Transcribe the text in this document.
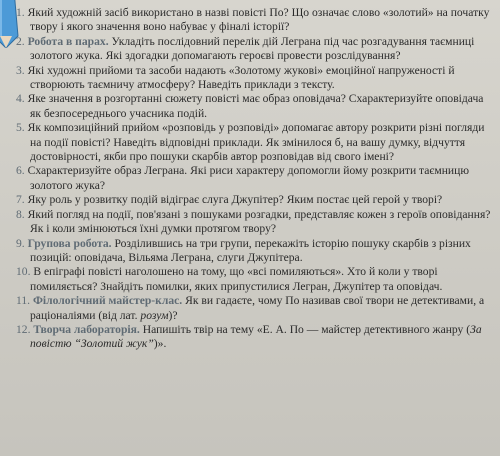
1. Який художній засіб використано в назві повісті По? Що означає слово «золотий» на початку твору і якого значення воно набуває у фіналі історії?

2. Робота в парах. Укладіть послідовний перелік дій Леграна під час розгадування таємниці золотого жука. Які здогадки допомагають героєві провести розслідування?

3. Які художні прийоми та засоби надають «Золотому жукові» емоційної напруженості й створюють таємничу атмосферу? Наведіть приклади з тексту.

4. Яке значення в розгортанні сюжету повісті має образ оповідача? Схарактеризуйте оповідача як безпосереднього учасника подій.

5. Як композиційний прийом «розповідь у розповіді» допомагає автору розкрити різні погляди на події повісті? Наведіть відповідні приклади. Як змінилося б, на вашу думку, відчуття достовірності, якби про пошуки скарбів автор розповідав від свого імені?

6. Схарактеризуйте образ Леграна. Які риси характеру допомогли йому розкрити таємницю золотого жука?

7. Яку роль у розвитку подій відіграє слуга Джупітер? Яким постає цей герой у творі?

8. Який погляд на події, пов'язані з пошуками розгадки, представляє кожен з героїв оповідання? Як і коли змінюються їхні думки протягом твору?

9. Групова робота. Розділившись на три групи, перекажіть історію пошуку скарбів з різних позицій: оповідача, Вільяма Леграна, слуги Джупітера.

10. В епіграфі повісті наголошено на тому, що «всі помиляються». Хто й коли у творі помиляється? Знайдіть помилки, яких припустилися Легран, Джупітер та оповідач.

11. Філологічний майстер-клас. Як ви гадаєте, чому По називав свої твори не детективами, а раціоналіями (від лат. розум)?

12. Творча лабораторія. Напишіть твір на тему «Е. А. По — майстер детективного жанру (За повістю “Золотий жук”)».
